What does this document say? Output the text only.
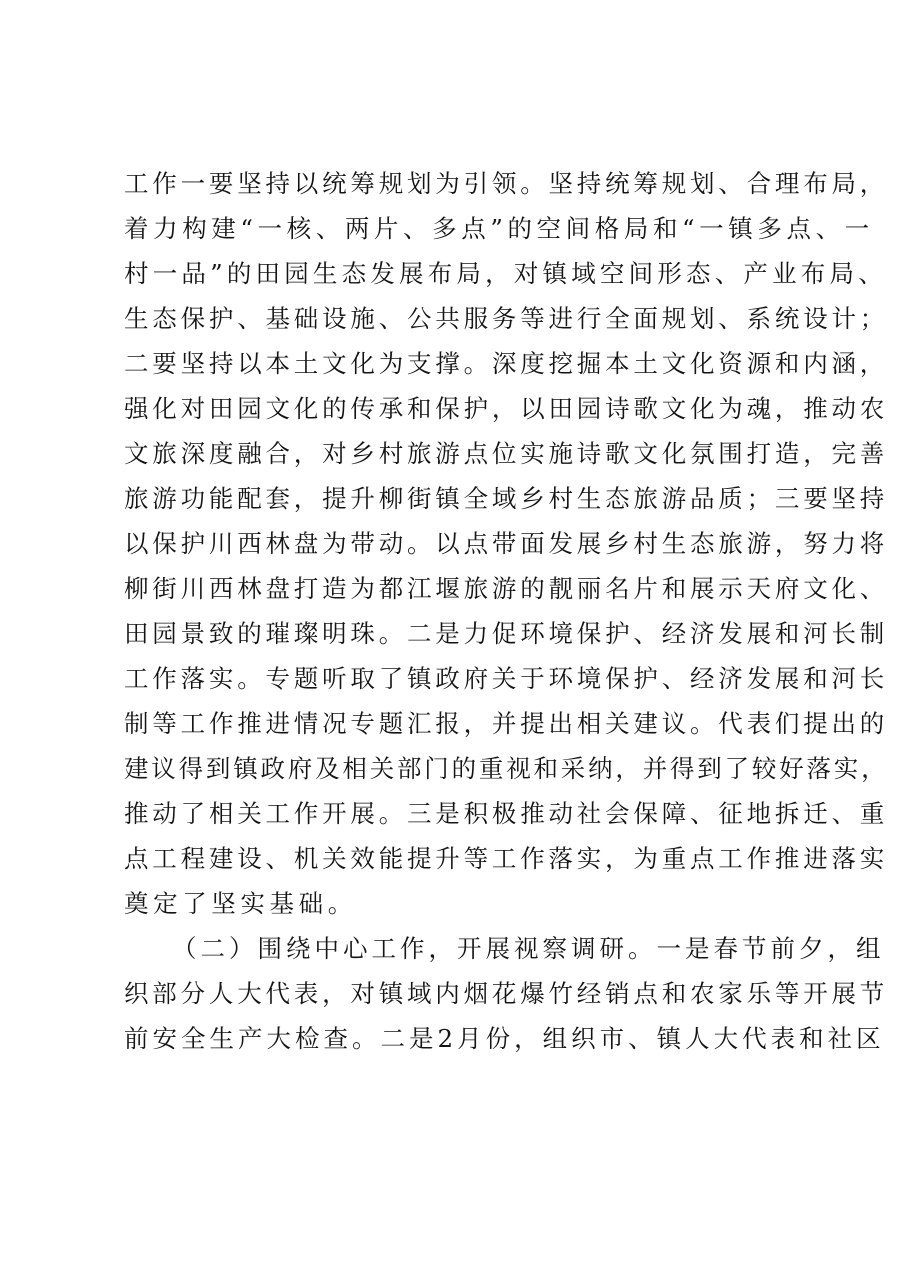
工作一要坚持以统筹规划为引领。坚持统筹规划、合理布局，
着力构建“一核、两片、多点”的空间格局和“一镇多点、一
村一品”的田园生态发展布局，对镇域空间形态、产业布局、
生态保护、基础设施、公共服务等进行全面规划、系统设计；
二要坚持以本土文化为支撑。深度挖掘本土文化资源和内涵，
强化对田园文化的传承和保护，以田园诗歌文化为魂，推动农
文旅深度融合，对乡村旅游点位实施诗歌文化氛围打造，完善
旅游功能配套，提升柳街镇全域乡村生态旅游品质；三要坚持
以保护川西林盘为带动。以点带面发展乡村生态旅游，努力将
柳街川西林盘打造为都江堰旅游的靓丽名片和展示天府文化、
田园景致的璀璨明珠。二是力促环境保护、经济发展和河长制
工作落实。专题听取了镇政府关于环境保护、经济发展和河长
制等工作推进情况专题汇报，并提出相关建议。代表们提出的
建议得到镇政府及相关部门的重视和采纳，并得到了较好落实，
推动了相关工作开展。三是积极推动社会保障、征地拆迁、重
点工程建设、机关效能提升等工作落实，为重点工作推进落实
奠定了坚实基础。
（二）围绕中心工作，开展视察调研。一是春节前夕，组
织部分人大代表，对镇域内烟花爆竹经销点和农家乐等开展节
前安全生产大检查。二是2月份，组织市、镇人大代表和社区
